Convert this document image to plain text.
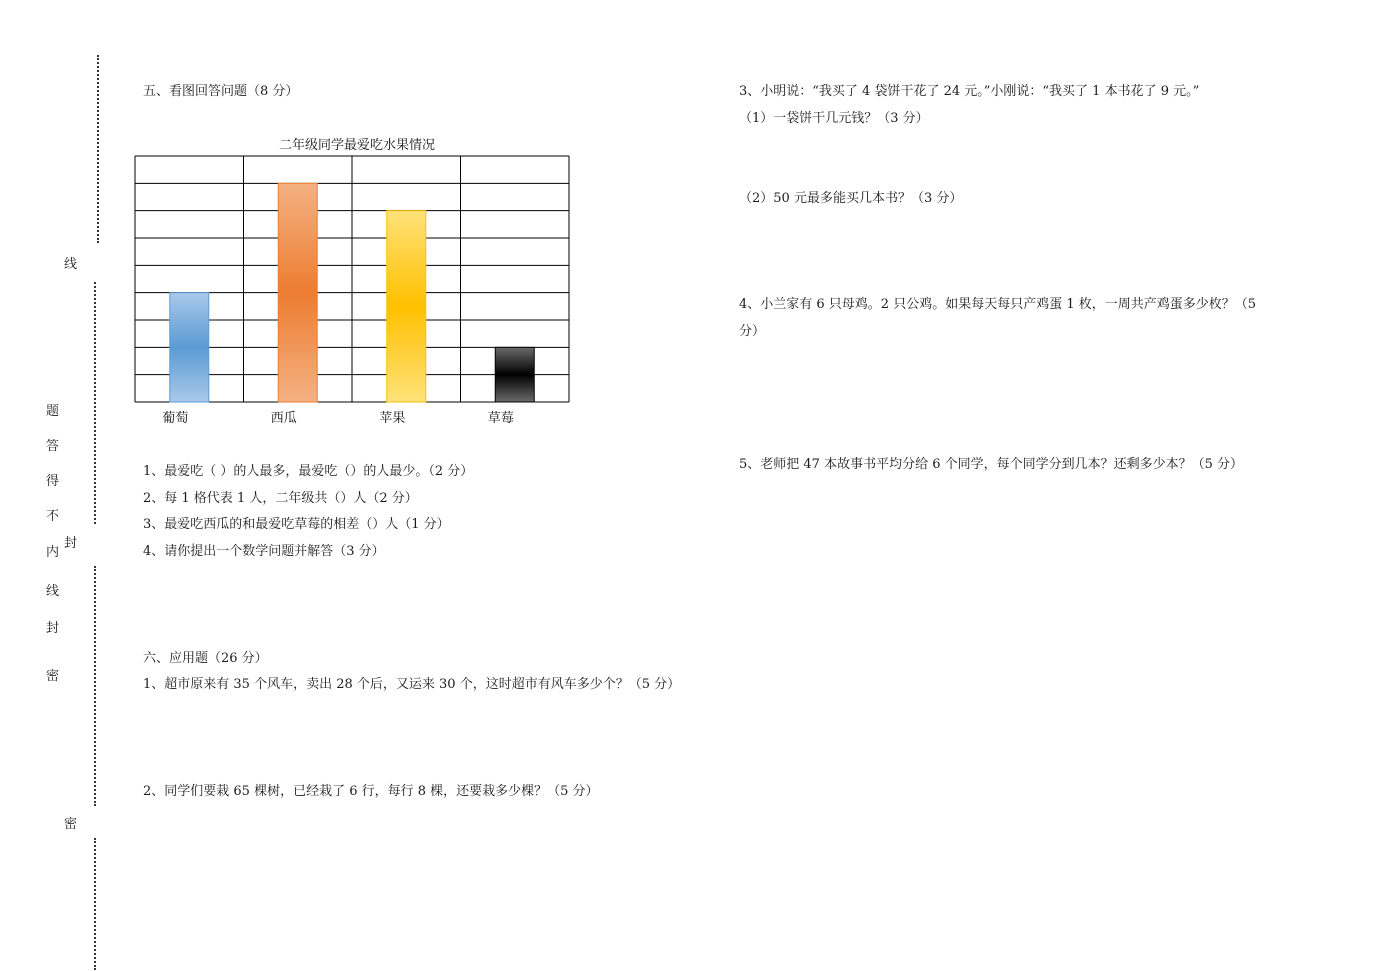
线
题
答
得
不
封
内
线
封
密
密
五、看图回答问题（8 分）
二年级同学最爱吃水果情况
葡萄	西瓜	苹果	草莓
1、最爱吃（ ）的人最多，最爱吃（）的人最少。（2 分）
2、每 1 格代表 1 人，二年级共（）人（2 分）
3、最爱吃西瓜的和最爱吃草莓的相差（）人（1 分）
4、请你提出一个数学问题并解答（3 分）
六、应用题（26 分）
1、超市原来有 35 个风车，卖出 28 个后，又运来 30 个，这时超市有风车多少个？（5 分）
2、同学们要栽 65 棵树，已经栽了 6 行，每行 8 棵，还要栽多少棵？（5 分）
3、小明说：“我买了 4 袋饼干花了 24 元。”小刚说：“我买了 1 本书花了 9 元。”
（1）一袋饼干几元钱？（3 分）
（2）50 元最多能买几本书？（3 分）
4、小兰家有 6 只母鸡。2 只公鸡。如果每天每只产鸡蛋 1 枚，一周共产鸡蛋多少枚？（5
分）
5、老师把 47 本故事书平均分给 6 个同学，每个同学分到几本？还剩多少本？（5 分）
